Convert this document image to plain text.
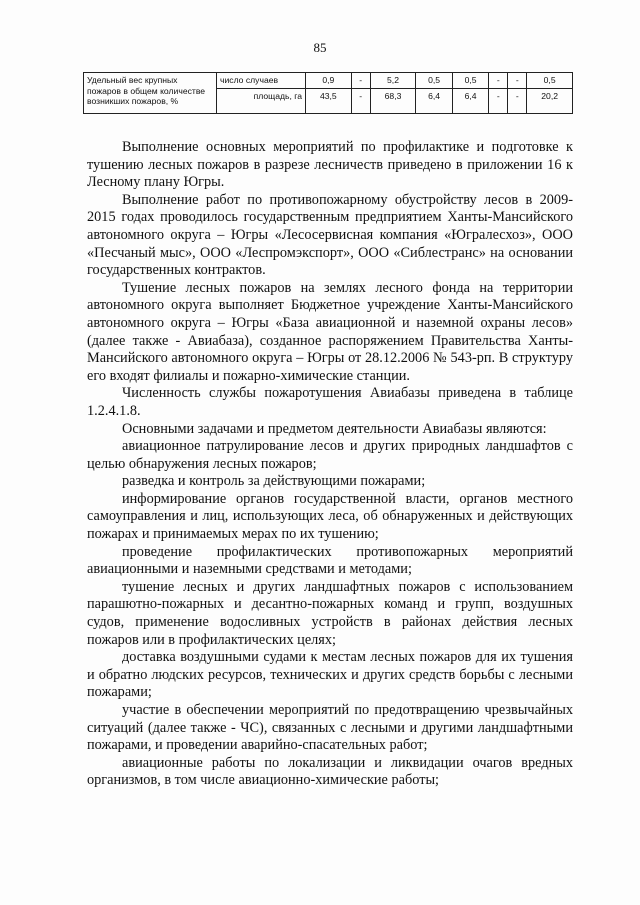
85
Удельный вес крупных пожаров в общем количестве возникших пожаров, %	число случаев	0,9	-	5,2	0,5	0,5	-	-	0,5
	площадь, га	43,5	-	68,3	6,4	6,4	-	-	20,2

Выполнение основных мероприятий по профилактике и подготовке к тушению лесных пожаров в разрезе лесничеств приведено в приложении 16 к Лесному плану Югры.

Выполнение работ по противопожарному обустройству лесов в 2009-2015 годах проводилось государственным предприятием Ханты-Мансийского автономного округа – Югры «Лесосервисная компания «Югралесхоз», ООО «Песчаный мыс», ООО «Леспромэкспорт», ООО «Сиблестранс» на основании государственных контрактов.

Тушение лесных пожаров на землях лесного фонда на территории автономного округа выполняет Бюджетное учреждение Ханты-Мансийского автономного округа – Югры «База авиационной и наземной охраны лесов» (далее также - Авиабаза), созданное распоряжением Правительства Ханты-Мансийского автономного округа – Югры от 28.12.2006 № 543-рп. В структуру его входят филиалы и пожарно-химические станции.

Численность службы пожаротушения Авиабазы приведена в таблице 1.2.4.1.8.

Основными задачами и предметом деятельности Авиабазы являются:

авиационное патрулирование лесов и других природных ландшафтов с целью обнаружения лесных пожаров;

разведка и контроль за действующими пожарами;

информирование органов государственной власти, органов местного самоуправления и лиц, использующих леса, об обнаруженных и действующих пожарах и принимаемых мерах по их тушению;

проведение профилактических противопожарных мероприятий авиационными и наземными средствами и методами;

тушение лесных и других ландшафтных пожаров с использованием парашютно-пожарных и десантно-пожарных команд и групп, воздушных судов, применение водосливных устройств в районах действия лесных пожаров или в профилактических целях;

доставка воздушными судами к местам лесных пожаров для их тушения и обратно людских ресурсов, технических и других средств борьбы с лесными пожарами;

участие в обеспечении мероприятий по предотвращению чрезвычайных ситуаций (далее также - ЧС), связанных с лесными и другими ландшафтными пожарами, и проведении аварийно-спасательных работ;

авиационные работы по локализации и ликвидации очагов вредных организмов, в том числе авиационно-химические работы;
